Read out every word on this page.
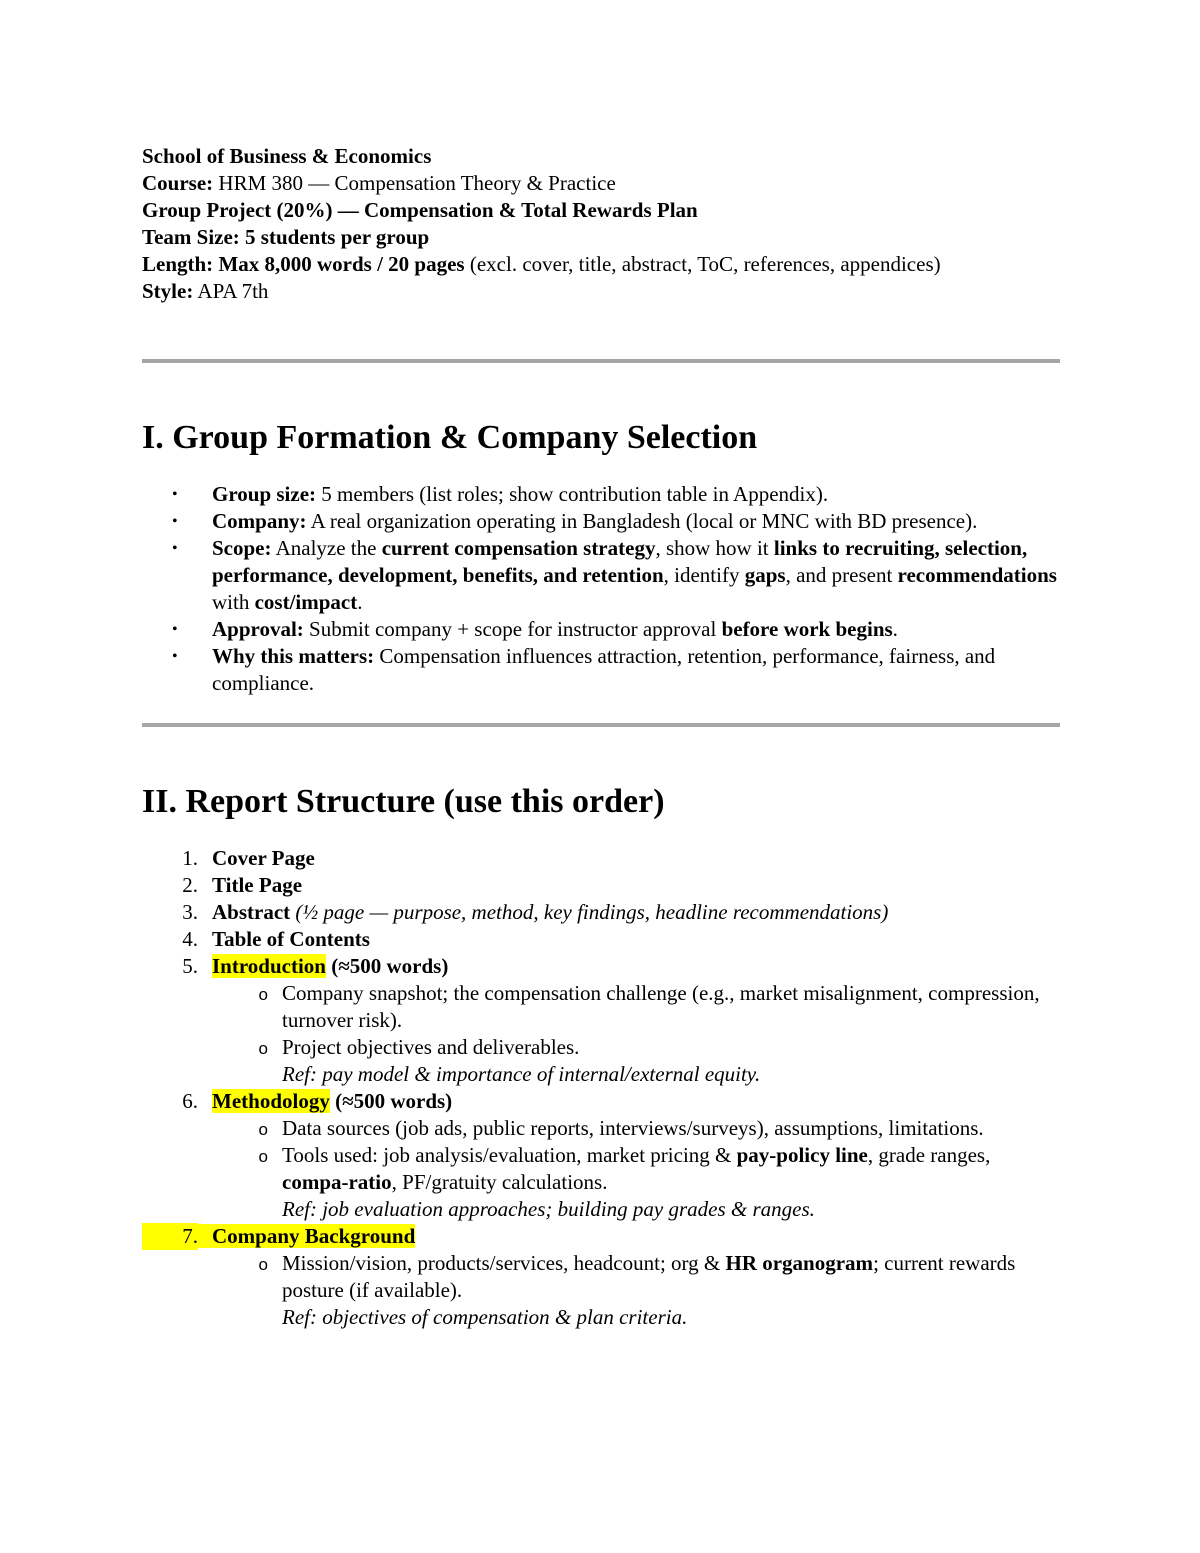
School of Business & Economics

Course: HRM 380 — Compensation Theory & Practice

Group Project (20%) — Compensation & Total Rewards Plan

Team Size: 5 students per group

Length: Max 8,000 words / 20 pages (excl. cover, title, abstract, ToC, references, appendices)

Style: APA 7th

I. Group Formation & Company Selection
• Group size: 5 members (list roles; show contribution table in Appendix).
• Company: A real organization operating in Bangladesh (local or MNC with BD presence).
• Scope: Analyze the current compensation strategy, show how it links to recruiting, selection, performance, development, benefits, and retention, identify gaps, and present recommendations with cost/impact.
• Approval: Submit company + scope for instructor approval before work begins.
• Why this matters: Compensation influences attraction, retention, performance, fairness, and compliance.
II. Report Structure (use this order)
1. Cover Page
2. Title Page
3. Abstract (½ page — purpose, method, key findings, headline recommendations)
4. Table of Contents
5. Introduction (≈500 words)
o Company snapshot; the compensation challenge (e.g., market misalignment, compression, turnover risk).
o Project objectives and deliverables.
Ref: pay model & importance of internal/external equity.
6. Methodology (≈500 words)
o Data sources (job ads, public reports, interviews/surveys), assumptions, limitations.
o Tools used: job analysis/evaluation, market pricing & pay-policy line, grade ranges, compa-ratio, PF/gratuity calculations.
Ref: job evaluation approaches; building pay grades & ranges.
7. Company Background
o Mission/vision, products/services, headcount; org & HR organogram; current rewards posture (if available).
Ref: objectives of compensation & plan criteria.
